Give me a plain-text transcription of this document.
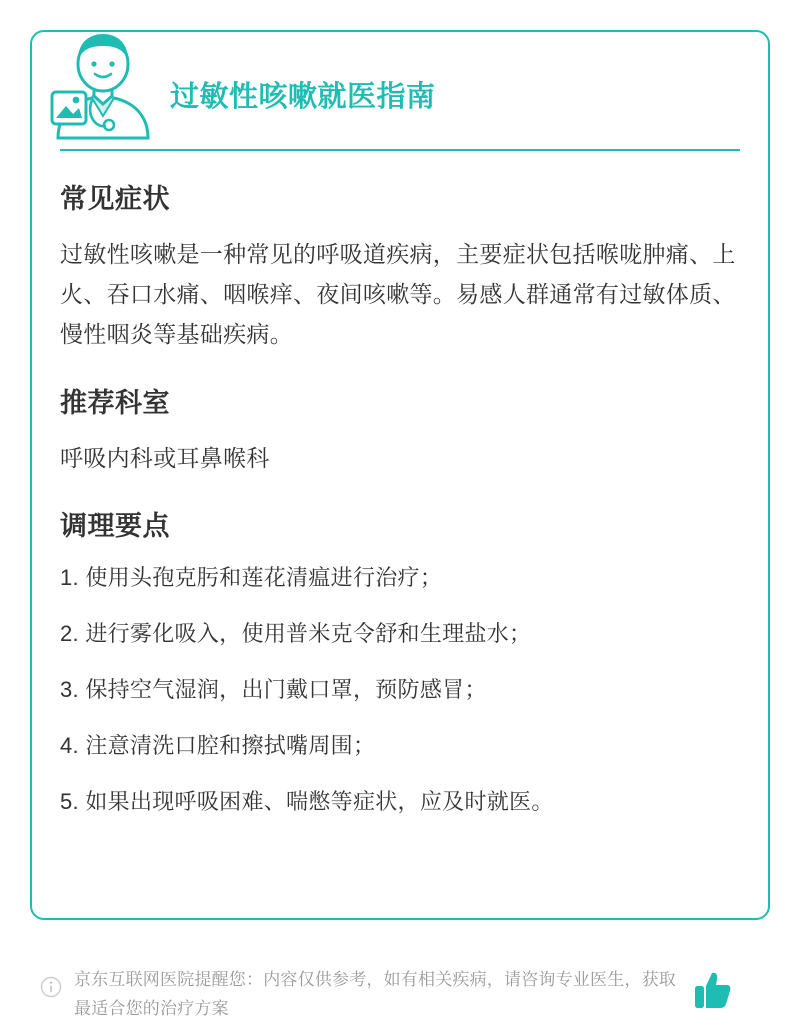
过敏性咳嗽就医指南
常见症状

过敏性咳嗽是一种常见的呼吸道疾病，主要症状包括喉咙肿痛、上火、吞口水痛、咽喉痒、夜间咳嗽等。易感人群通常有过敏体质、慢性咽炎等基础疾病。

推荐科室

呼吸内科或耳鼻喉科

调理要点
1. 使用头孢克肟和莲花清瘟进行治疗；
2. 进行雾化吸入，使用普米克令舒和生理盐水；
3. 保持空气湿润，出门戴口罩，预防感冒；
4. 注意清洗口腔和擦拭嘴周围；
5. 如果出现呼吸困难、喘憋等症状，应及时就医。
京东互联网医院提醒您：内容仅供参考，如有相关疾病，请咨询专业医生，获取最适合您的治疗方案
